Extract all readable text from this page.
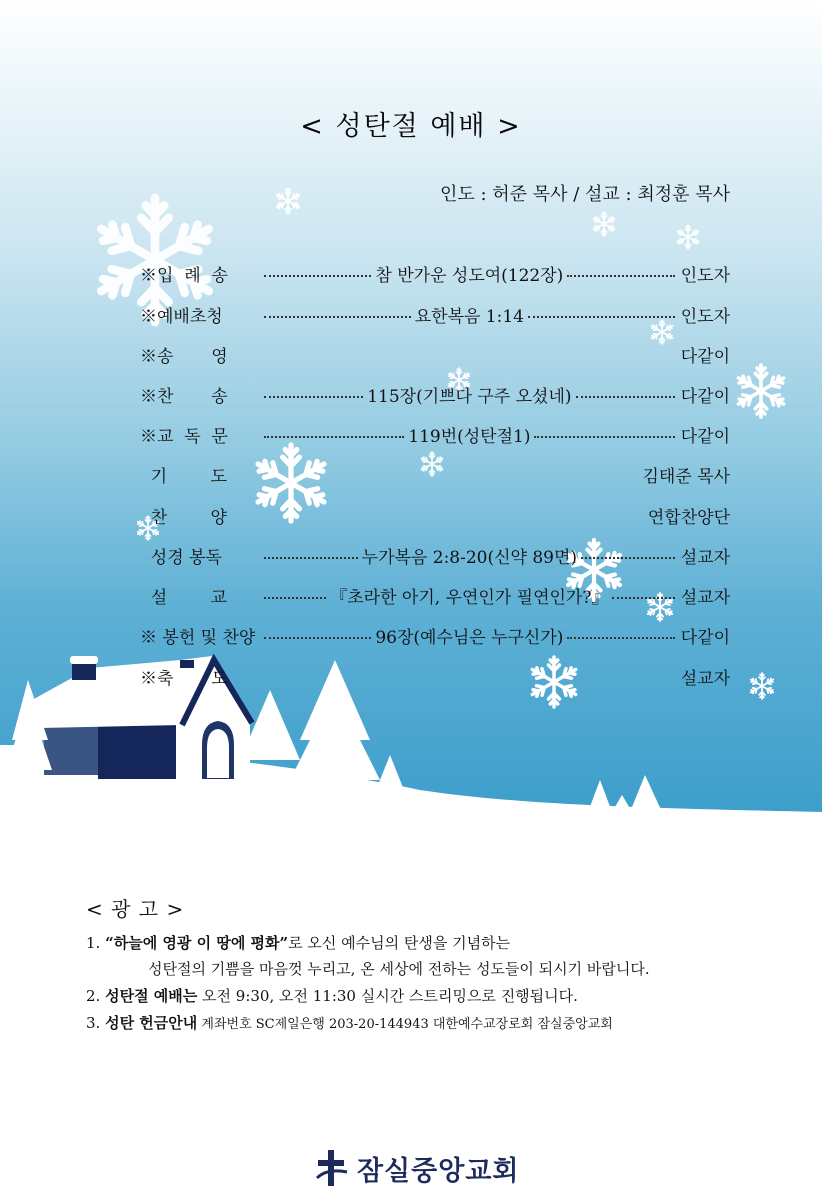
< 성탄절 예배 >
인도 : 허준 목사 / 설교 : 최정훈 목사
※입  례  송	참 반가운 성도여(122장)	인도자
※예배초청	요한복음 1:14	인도자
※송       영	다같이
※찬       송	115장(기쁘다 구주 오셨네)	다같이
※교  독  문	119번(성탄절1)	다같이
기        도	김태준 목사
찬        양	연합찬양단
성경 봉독	누가복음 2:8-20(신약 89면)	설교자
설        교	『초라한 아기, 우연인가 필연인가?』	설교자
※ 봉헌 및 찬양	96장(예수님은 누구신가)	다같이
※축       도	설교자
< 광 고 >
1. “하늘에 영광 이 땅에 평화”로 오신 예수님의 탄생을 기념하는
성탄절의 기쁨을 마음껏 누리고, 온 세상에 전하는 성도들이 되시기 바랍니다.
2. 성탄절 예배는 오전 9:30, 오전 11:30 실시간 스트리밍으로 진행됩니다.
3. 성탄 헌금안내 계좌번호 SC제일은행 203-20-144943 대한예수교장로회 잠실중앙교회
잠실중앙교회
